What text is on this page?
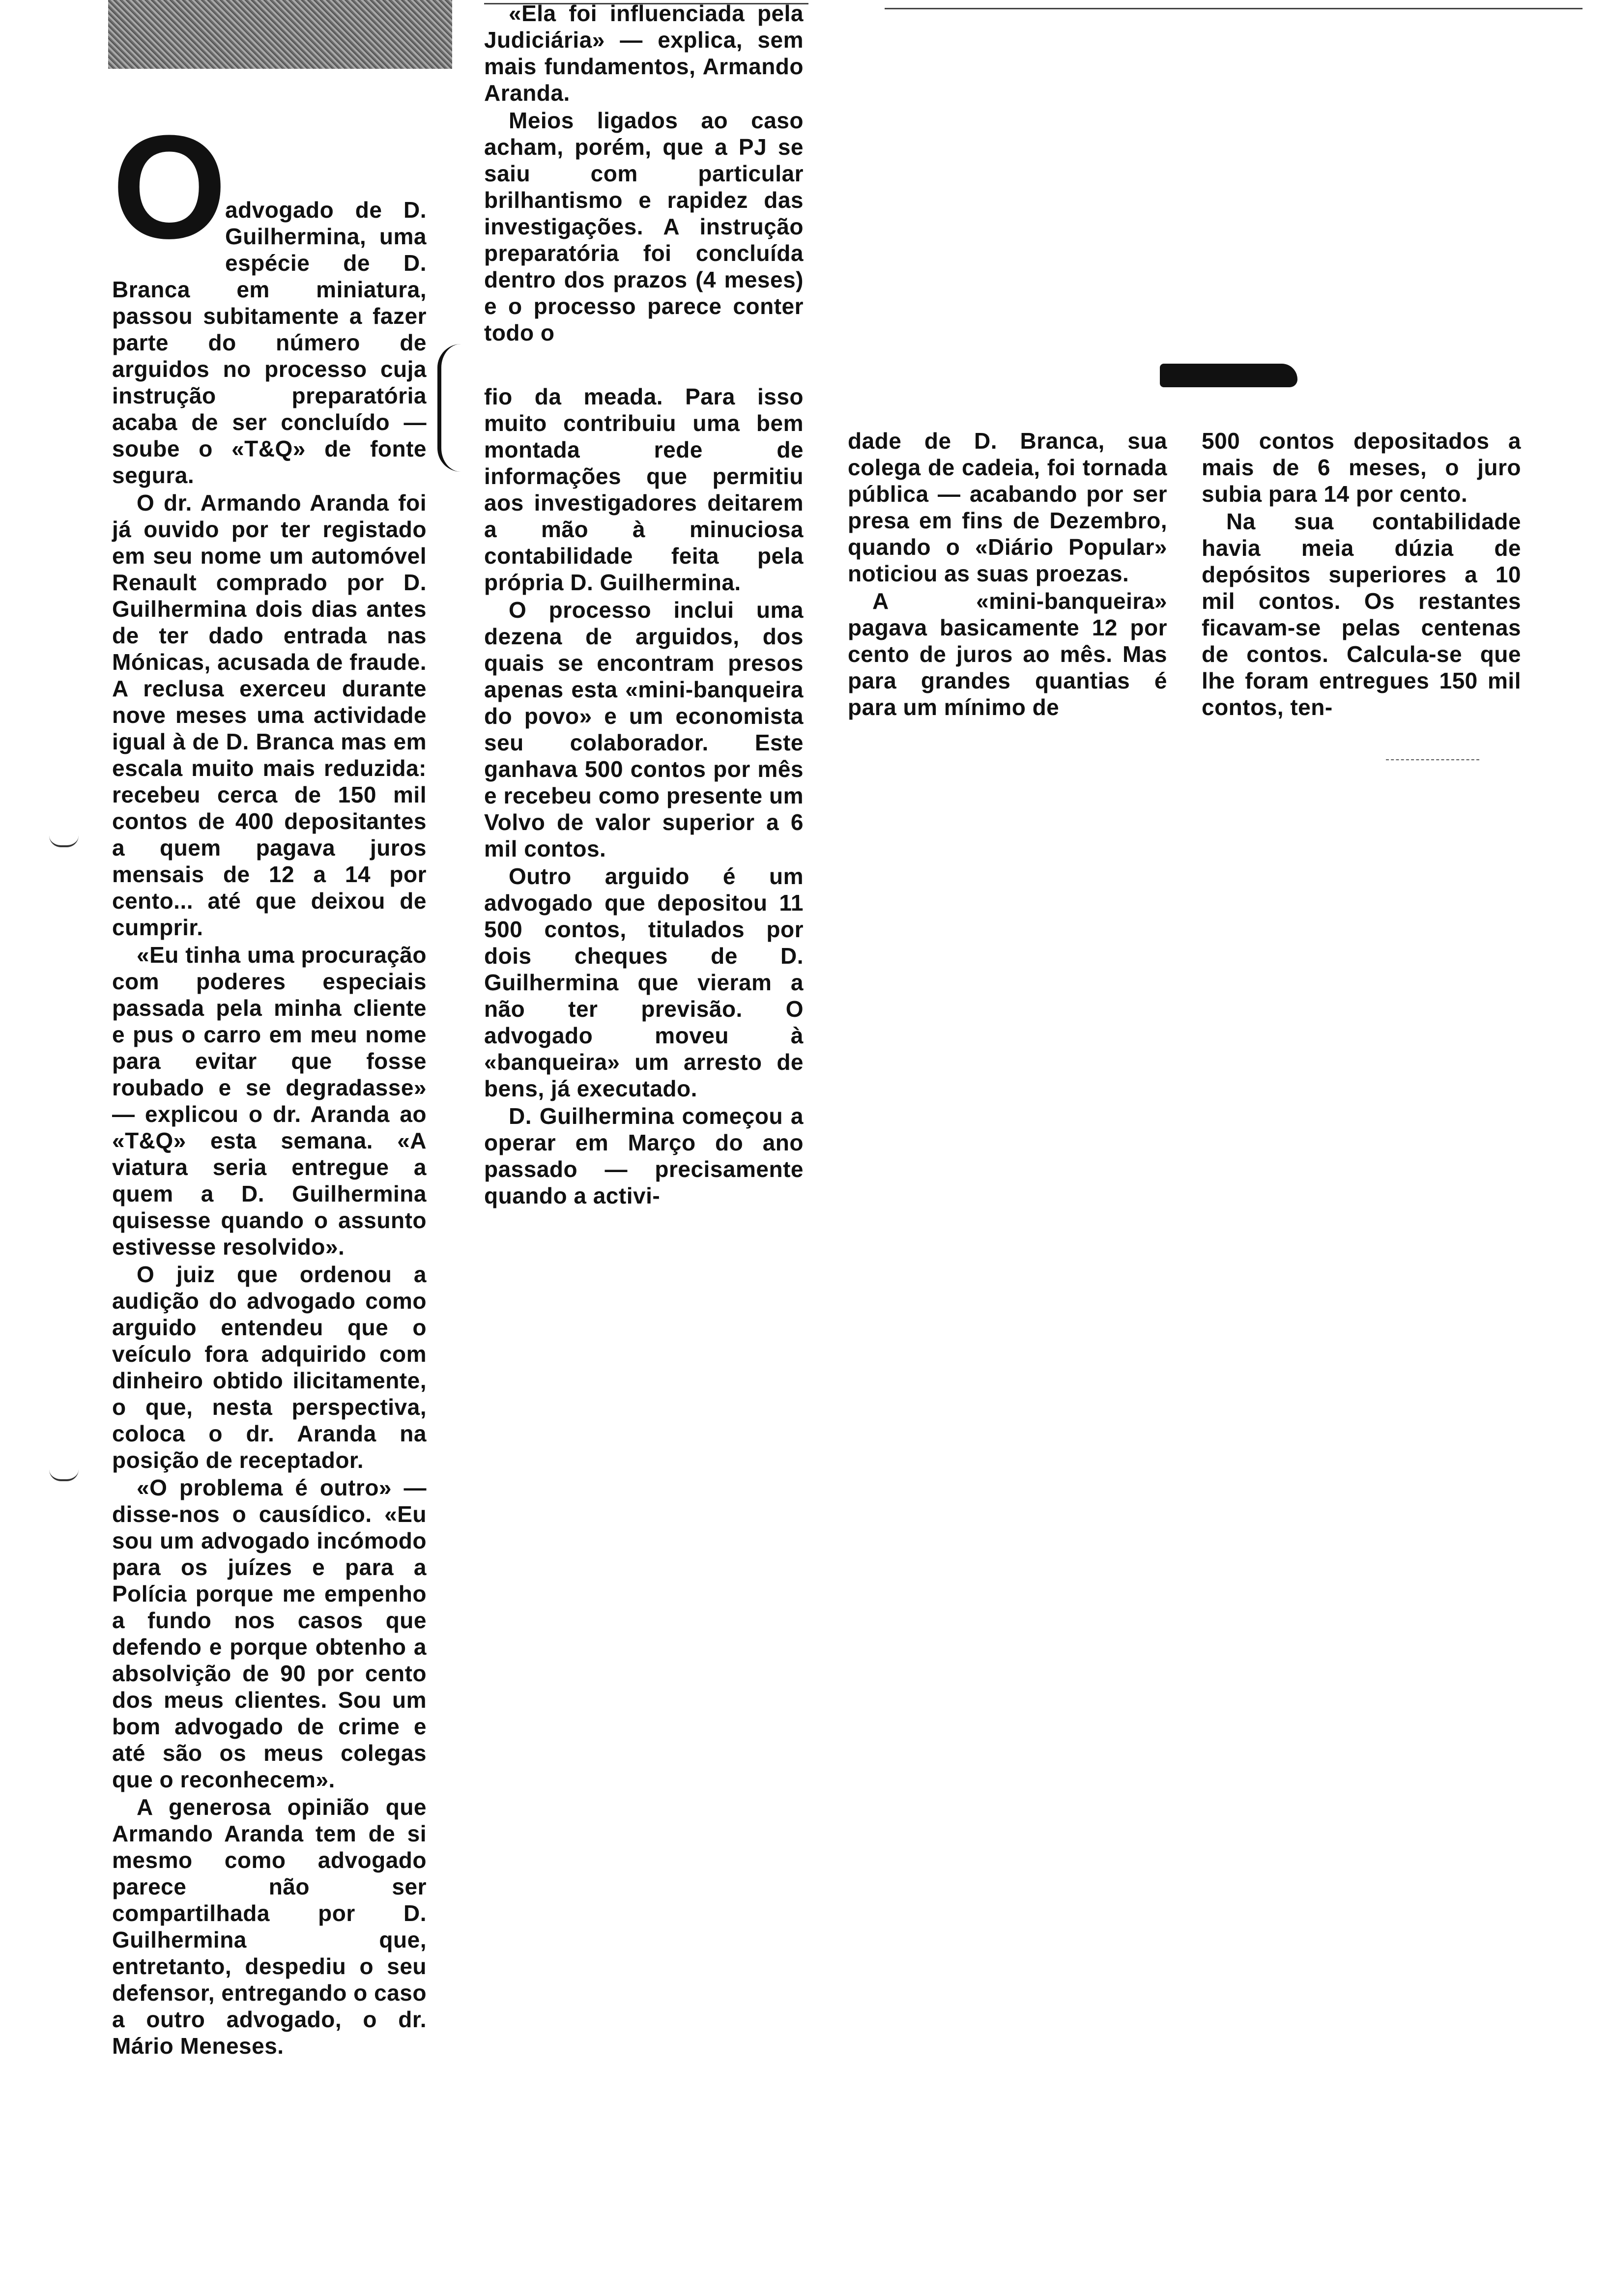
O

advogado de D. Guilhermina, uma espécie de D. Branca em miniatura, passou subitamente a fazer parte do número de arguidos no processo cuja instrução preparatória acaba de ser concluído — soube o «T&Q» de fonte segura.

O dr. Armando Aranda foi já ouvido por ter registado em seu nome um automóvel Renault comprado por D. Guilhermina dois dias antes de ter dado entrada nas Mónicas, acusada de fraude. A reclusa exerceu durante nove meses uma actividade igual à de D. Branca mas em escala muito mais reduzida: recebeu cerca de 150 mil contos de 400 depositantes a quem pagava juros mensais de 12 a 14 por cento... até que deixou de cumprir.

«Eu tinha uma procuração com poderes especiais passada pela minha cliente e pus o carro em meu nome para evitar que fosse roubado e se degradasse» — explicou o dr. Aranda ao «T&Q» esta semana. «A viatura seria entregue a quem a D. Guilhermina quisesse quando o assunto estivesse resolvido».

O juiz que ordenou a audição do advogado como arguido entendeu que o veículo fora adquirido com dinheiro obtido ilicitamente, o que, nesta perspectiva, coloca o dr. Aranda na posição de receptador.

«O problema é outro» — disse-nos o causídico. «Eu sou um advogado incómodo para os juízes e para a Polícia porque me empenho a fundo nos casos que defendo e porque obtenho a absolvição de 90 por cento dos meus clientes. Sou um bom advogado de crime e até são os meus colegas que o reconhecem».

A generosa opinião que Armando Aranda tem de si mesmo como advogado parece não ser compartilhada por D. Guilhermina que, entretanto, despediu o seu defensor, entregando o caso a outro advogado, o dr. Mário Meneses.

«Ela foi influenciada pela Judiciária» — explica, sem mais fundamentos, Armando Aranda.

Meios ligados ao caso acham, porém, que a PJ se saiu com particular brilhantismo e rapidez das investigações. A instrução preparatória foi concluída dentro dos prazos (4 meses) e o processo parece conter todo o

fio da meada. Para isso muito contribuiu uma bem montada rede de informações que permitiu aos investigadores deitarem a mão à minuciosa contabilidade feita pela própria D. Guilhermina.

O processo inclui uma dezena de arguidos, dos quais se encontram presos apenas esta «mini-banqueira do povo» e um economista seu colaborador. Este ganhava 500 contos por mês e recebeu como presente um Volvo de valor superior a 6 mil contos.

Outro arguido é um advogado que depositou 11 500 contos, titulados por dois cheques de D. Guilhermina que vieram a não ter previsão. O advogado moveu à «banqueira» um arresto de bens, já executado.

D. Guilhermina começou a operar em Março do ano passado — precisamente quando a activi-

dade de D. Branca, sua colega de cadeia, foi tornada pública — acabando por ser presa em fins de Dezembro, quando o «Diário Popular» noticiou as suas proezas.

A «mini-banqueira» pagava basicamente 12 por cento de juros ao mês. Mas para grandes quantias é para um mínimo de

500 contos depositados a mais de 6 meses, o juro subia para 14 por cento.

Na sua contabilidade havia meia dúzia de depósitos superiores a 10 mil contos. Os restantes ficavam-se pelas centenas de contos. Calcula-se que lhe foram entregues 150 mil contos, ten-
